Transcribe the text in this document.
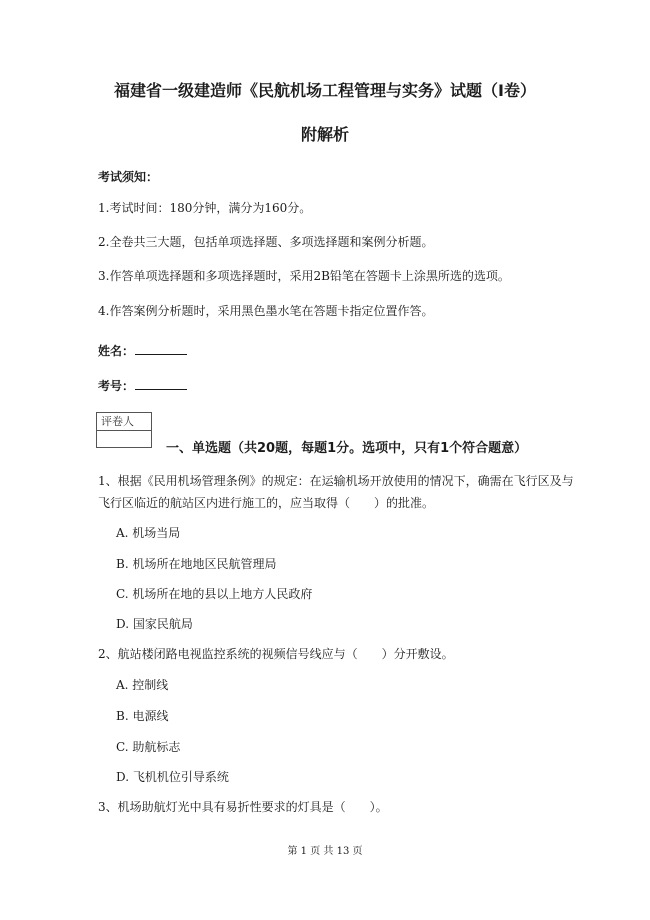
福建省一级建造师《民航机场工程管理与实务》试题（I卷）
附解析
考试须知：
1.考试时间：180分钟，满分为160分。
2.全卷共三大题，包括单项选择题、多项选择题和案例分析题。
3.作答单项选择题和多项选择题时，采用2B铅笔在答题卡上涂黑所选的选项。
4.作答案例分析题时，采用黑色墨水笔在答题卡指定位置作答。
姓名：
考号：
评卷人
一、单选题（共20题，每题1分。选项中，只有1个符合题意）
1、根据《民用机场管理条例》的规定：在运输机场开放使用的情况下，确需在飞行区及与
飞行区临近的航站区内进行施工的，应当取得（　　）的批准。
A. 机场当局
B. 机场所在地地区民航管理局
C. 机场所在地的县以上地方人民政府
D. 国家民航局
2、航站楼闭路电视监控系统的视频信号线应与（　　）分开敷设。
A. 控制线
B. 电源线
C. 助航标志
D. 飞机机位引导系统
3、机场助航灯光中具有易折性要求的灯具是（　　）。
第 1 页 共 13 页
